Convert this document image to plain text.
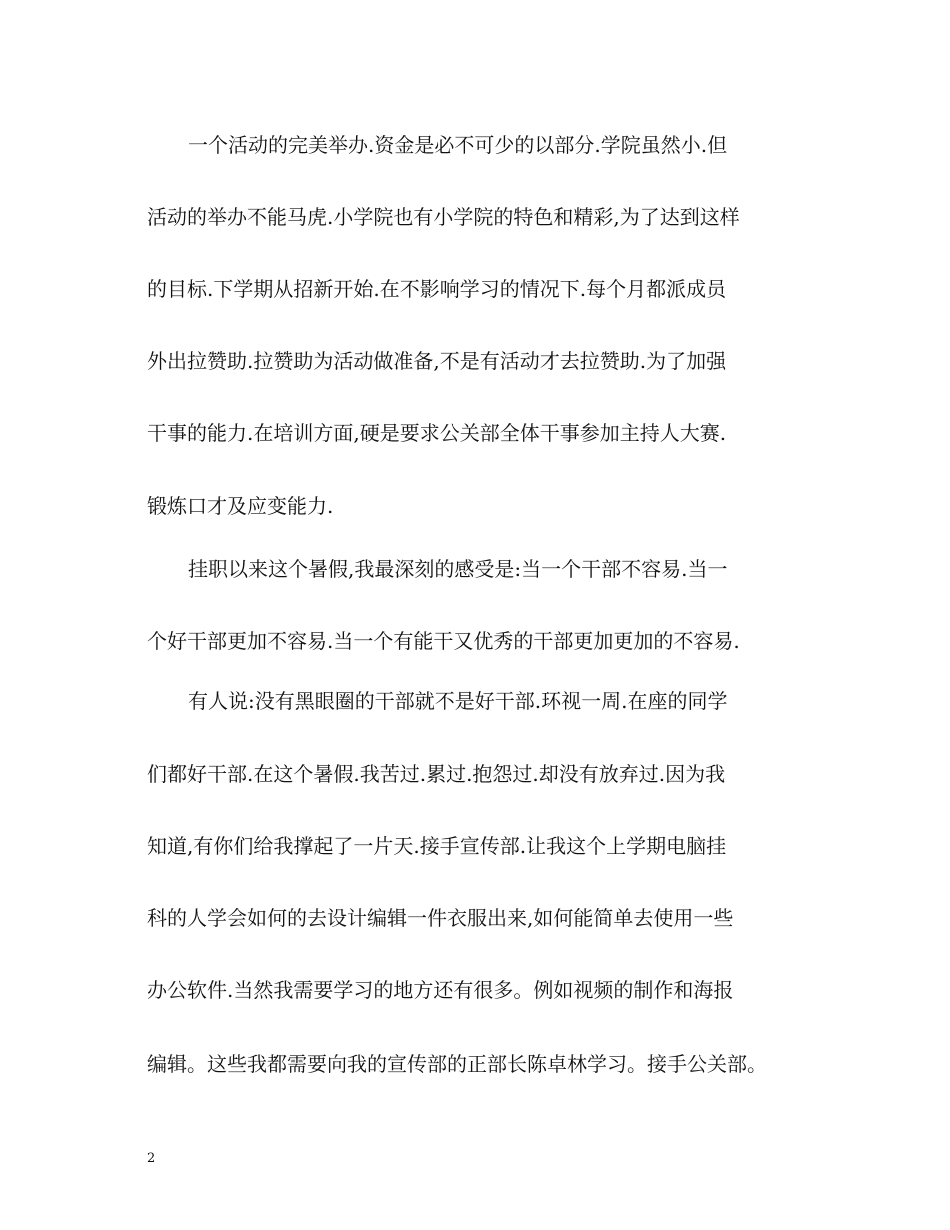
一个活动的完美举办.资金是必不可少的以部分.学院虽然小.但
活动的举办不能马虎.小学院也有小学院的特色和精彩,为了达到这样
的目标.下学期从招新开始.在不影响学习的情况下.每个月都派成员
外出拉赞助.拉赞助为活动做准备,不是有活动才去拉赞助.为了加强
干事的能力.在培训方面,硬是要求公关部全体干事参加主持人大赛.
锻炼口才及应变能力.
挂职以来这个暑假,我最深刻的感受是:当一个干部不容易.当一
个好干部更加不容易.当一个有能干又优秀的干部更加更加的不容易.
有人说:没有黑眼圈的干部就不是好干部.环视一周.在座的同学
们都好干部.在这个暑假.我苦过.累过.抱怨过.却没有放弃过.因为我
知道,有你们给我撑起了一片天.接手宣传部.让我这个上学期电脑挂
科的人学会如何的去设计编辑一件衣服出来,如何能简单去使用一些
办公软件.当然我需要学习的地方还有很多。例如视频的制作和海报
编辑。这些我都需要向我的宣传部的正部长陈卓林学习。接手公关部。
2
